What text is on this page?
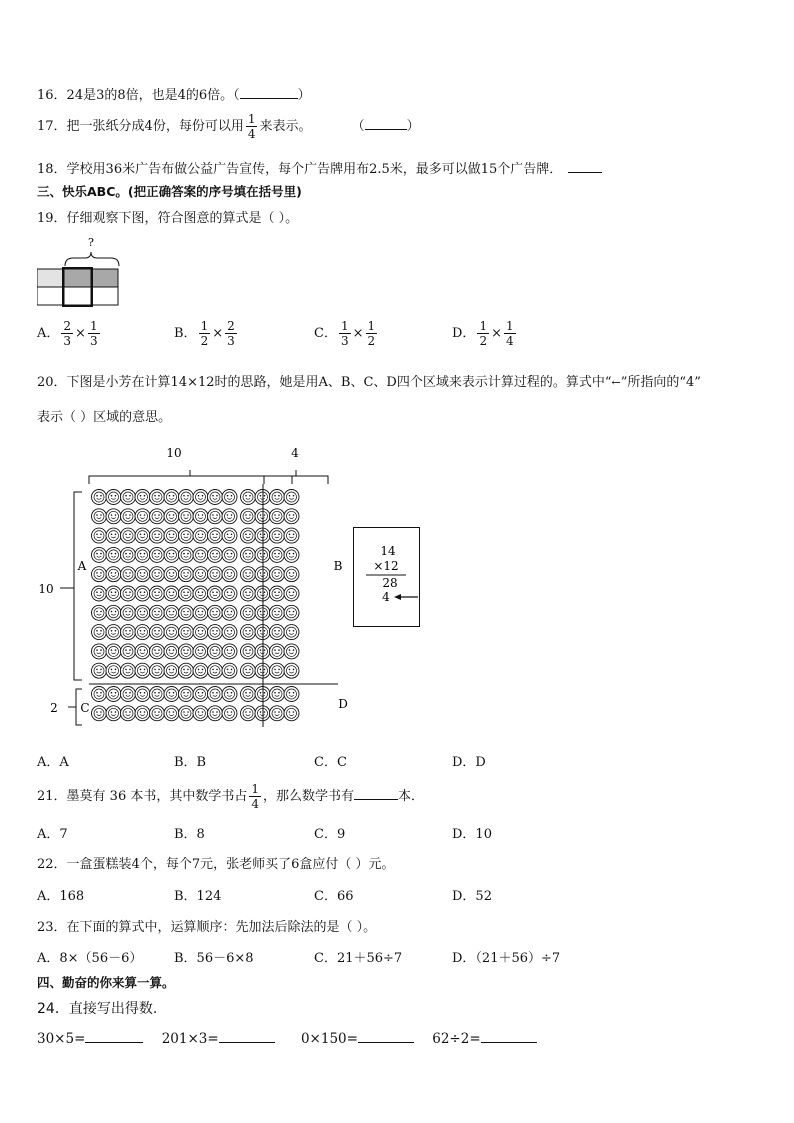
16．24是3的8倍，也是4的6倍。（	）
17．把一张纸分成4份，每份可以用 $\frac{1}{4}$ 来表示。	（	）
18．学校用36米广告布做公益广告宣传，每个广告牌用布2.5米，最多可以做15个广告牌．
三、快乐ABC。(把正确答案的序号填在括号里)
19．仔细观察下图，符合图意的算式是（ ）。
?
A． $\frac{2}{3} \times \frac{1}{3}$	B． $\frac{1}{2} \times \frac{2}{3}$	C． $\frac{1}{3} \times \frac{1}{2}$	D． $\frac{1}{2} \times \frac{1}{4}$
20．下图是小芳在计算14×12时的思路，她是用A、B、C、D四个区域来表示计算过程的。算式中“←”所指向的“4”
表示（ ）区域的意思。
10	4
10
2
A	B
C	D
14
×12
28
4
A．A	B．B	C．C	D．D
21．墨莫有 36 本书，其中数学书占 $\frac{1}{4}$ ，那么数学书有	本．
A．7	B．8	C．9	D．10
22．一盒蛋糕装4个，每个7元，张老师买了6盒应付（ ）元。
A．168	B．124	C．66	D．52
23．在下面的算式中，运算顺序：先加法后除法的是（ ）。
A．8×（56－6） B．56－6×8	C．21＋56÷7	D．（21＋56）÷7
四、勤奋的你来算一算。
24．直接写出得数.
30×5=	201×3=	0×150=	62÷2=
